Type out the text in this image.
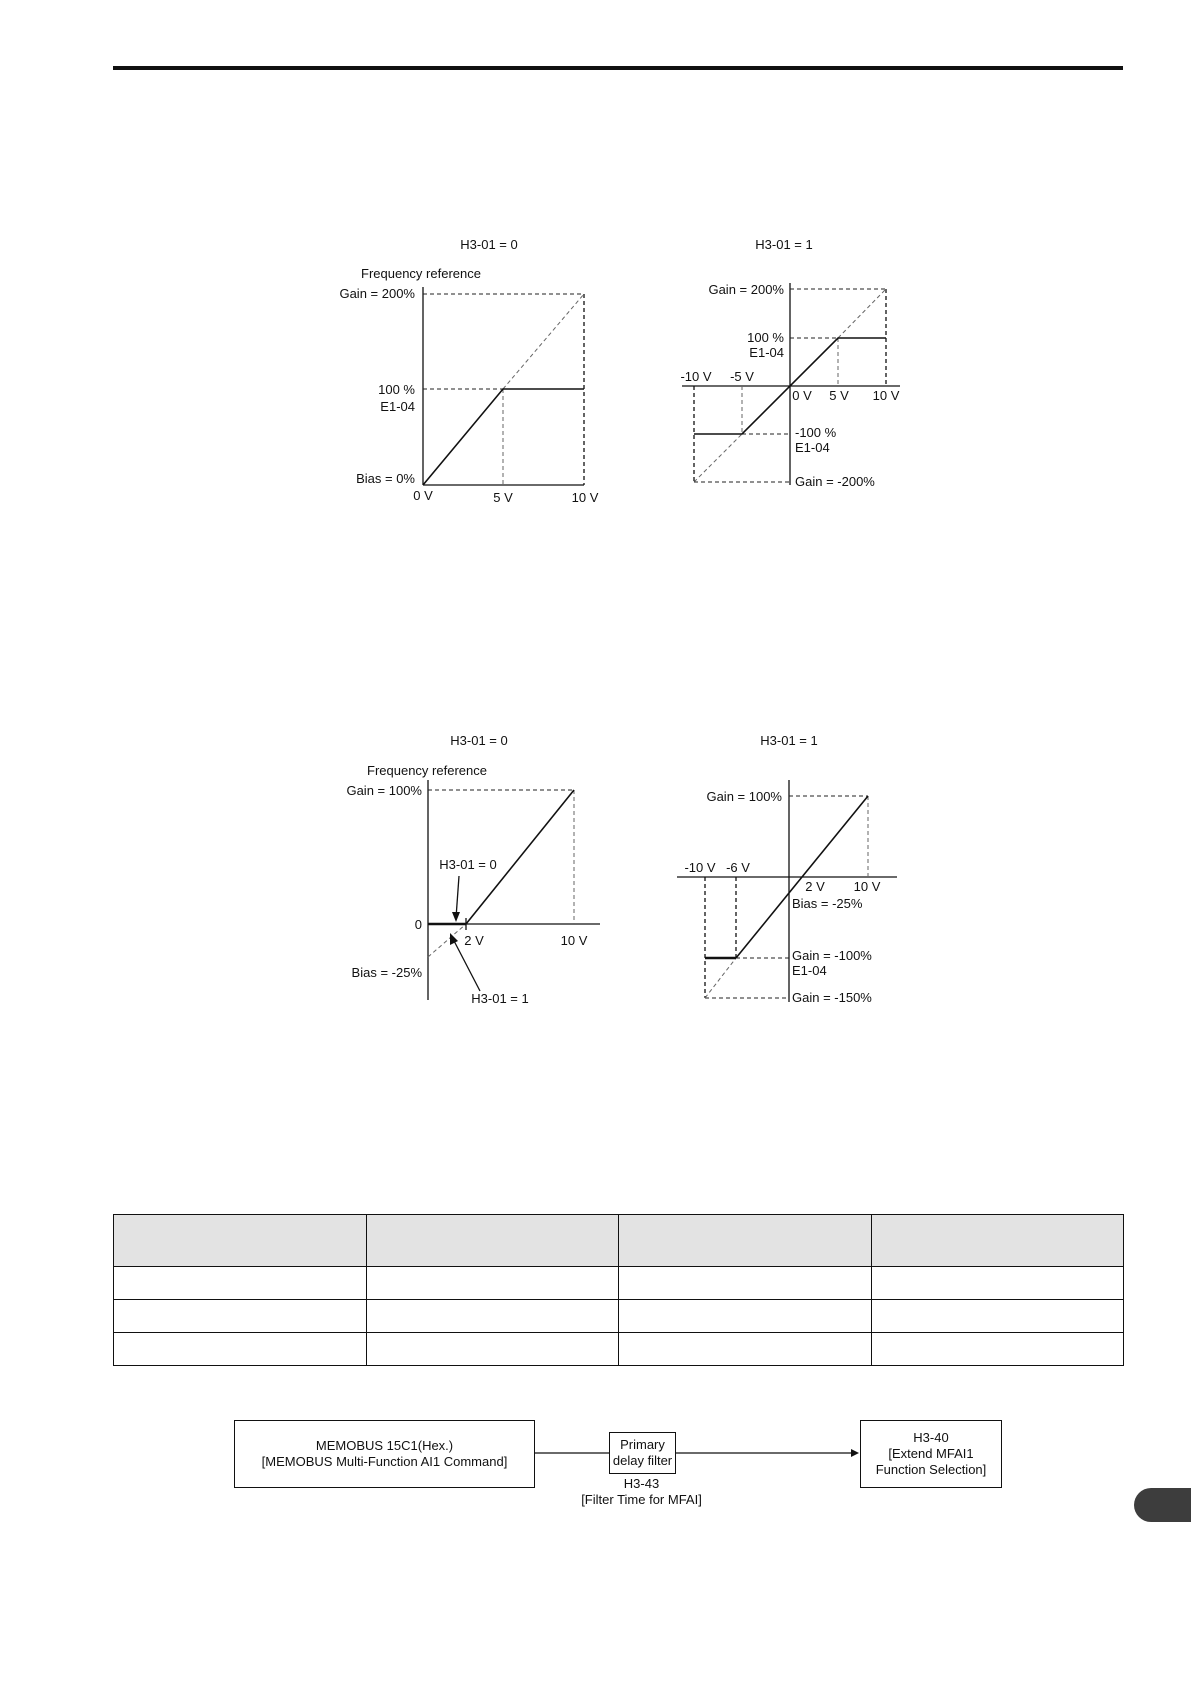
H3-01 = 0
Frequency reference
Gain = 200%
100 %
E1-04
Bias = 0%
0 V	5 V	10 V
H3-01 = 1
Gain = 200%
100 %
E1-04
-10 V -5 V
0 V 5 V 10 V
-100 %
E1-04
Gain = -200%
H3-01 = 0
Frequency reference
Gain = 100%
H3-01 = 0
0
2 V	10 V
Bias = -25%
H3-01 = 1
H3-01 = 1
Gain = 100%
-10 V -6 V
2 V 10 V
Bias = -25%
Gain = -100%
E1-04
Gain = -150%

MEMOBUS 15C1(Hex.)
[MEMOBUS Multi-Function AI1 Command]
Primary
delay filter
H3-43
[Filter Time for MFAI]
H3-40
[Extend MFAI1
Function Selection]
